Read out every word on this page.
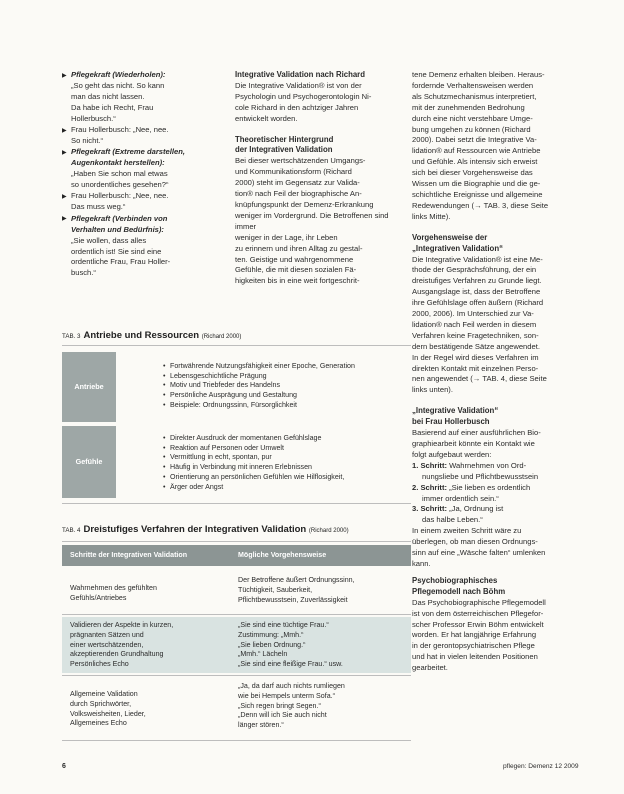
▶ Pflegekraft (Wiederholen):
„So geht das nicht. So kann
man das nicht lassen.
Da habe ich Recht, Frau
Hollerbusch.“
▶ Frau Hollerbusch: „Nee, nee.
So nicht.“
▶ Pflegekraft (Extreme darstellen,
Augenkontakt herstellen):
„Haben Sie schon mal etwas
so unordentliches gesehen?“
▶ Frau Hollerbusch: „Nee, nee.
Das muss weg.“
▶ Pflegekraft (Verbinden von
Verhalten und Bedürfnis):
„Sie wollen, dass alles
ordentlich ist! Sie sind eine
ordentliche Frau, Frau Holler-
busch.“
Integrative Validation nach Richard
Die Integrative Validation® ist von der
Psychologin und Psychogerontologin Ni-
cole Richard in den achtziger Jahren
entwickelt worden.
Theoretischer Hintergrund
der Integrativen Validation
Bei dieser wertschätzenden Umgangs-
und Kommunikationsform (Richard
2000) steht im Gegensatz zur Valida-
tion® nach Feil der biographische An-
knüpfungspunkt der Demenz-Erkrankung
weniger im Vordergrund. Die Betroffenen sind immer
weniger in der Lage, ihr Leben
zu erinnern und ihren Alltag zu gestal-
ten. Geistige und wahrgenommene
Gefühle, die mit diesen sozialen Fä-
higkeiten bis in eine weit fortgeschrit-
tene Demenz erhalten bleiben. Heraus-
fordernde Verhaltensweisen werden
als Schutzmechanismus interpretiert,
mit der zunehmenden Bedrohung
durch eine nicht verstehbare Umge-
bung umgehen zu können (Richard
2000). Dabei setzt die Integrative Va-
lidation® auf Ressourcen wie Antriebe
und Gefühle. Als intensiv sich erweist
sich bei dieser Vorgehensweise das
Wissen um die Biographie und die ge-
schichtliche Ereignisse und allgemeine
Redewendungen (→ TAB. 3, diese Seite
links Mitte).
Vorgehensweise der
„Integrativen Validation“
Die Integrative Validation® ist eine Me-
thode der Gesprächsführung, der ein
dreistufiges Verfahren zu Grunde liegt.
Ausgangslage ist, dass der Betroffene
ihre Gefühlslage offen äußern (Richard
2000, 2006). Im Unterschied zur Va-
lidation® nach Feil werden in diesem
Verfahren keine Fragetechniken, son-
dern bestätigende Sätze angewendet.
In der Regel wird dieses Verfahren im
direkten Kontakt mit einzelnen Perso-
nen angewendet (→ TAB. 4, diese Seite
links unten).
„Integrative Validation“
bei Frau Hollerbusch
Basierend auf einer ausführlichen Bio-
graphiearbeit könnte ein Kontakt wie
folgt aufgebaut werden:
1. Schritt: Wahrnehmen von Ord-
nungsliebe und Pflichtbewusstsein
2. Schritt: „Sie lieben es ordentlich
immer ordentlich sein.“
3. Schritt: „Ja, Ordnung ist
das halbe Leben.“
In einem zweiten Schritt wäre zu
überlegen, ob man diesen Ordnungs-
sinn auf eine „Wäsche falten“ umlenken
kann.
Psychobiographisches
Pflegemodell nach Böhm
Das Psychobiographische Pflegemodell
ist von dem österreichischen Pflegefor-
scher Professor Erwin Böhm entwickelt
worden. Er hat langjährige Erfahrung
in der gerontopsychiatrischen Pflege
und hat in vielen leitenden Positionen
gearbeitet.
TAB. 3 Antriebe und Ressourcen (Richard 2000)
Antriebe
• Fortwährende Nutzungsfähigkeit einer Epoche, Generation
• Lebensgeschichtliche Prägung
• Motiv und Triebfeder des Handelns
• Persönliche Ausprägung und Gestaltung
• Beispiele: Ordnungssinn, Fürsorglichkeit
Gefühle
• Direkter Ausdruck der momentanen Gefühlslage
• Reaktion auf Personen oder Umwelt
• Vermittlung in echt, spontan, pur
• Häufig in Verbindung mit inneren Erlebnissen
• Orientierung an persönlichen Gefühlen wie Hilflosigkeit,
• Ärger oder Angst
TAB. 4 Dreistufiges Verfahren der Integrativen Validation (Richard 2000)
Schritte der Integrativen Validation	Mögliche Vorgehensweise
Wahrnehmen des gefühlten
Gefühls/Antriebes
Der Betroffene äußert Ordnungssinn,
Tüchtigkeit, Sauberkeit,
Pflichtbewusstsein, Zuverlässigkeit
Validieren der Aspekte in kurzen,
prägnanten Sätzen und
einer wertschätzenden,
akzeptierenden Grundhaltung
Persönliches Echo
„Sie sind eine tüchtige Frau.“
Zustimmung: „Mmh.“
„Sie lieben Ordnung.“
„Mmh.“ Lächeln
„Sie sind eine fleißige Frau.“ usw.
Allgemeine Validation
durch Sprichwörter,
Volksweisheiten, Lieder,
Allgemeines Echo
„Ja, da darf auch nichts rumliegen
wie bei Hempels unterm Sofa.“
„Sich regen bringt Segen.“
„Denn will ich Sie auch nicht
länger stören.“
6	pflegen: Demenz 12 2009
